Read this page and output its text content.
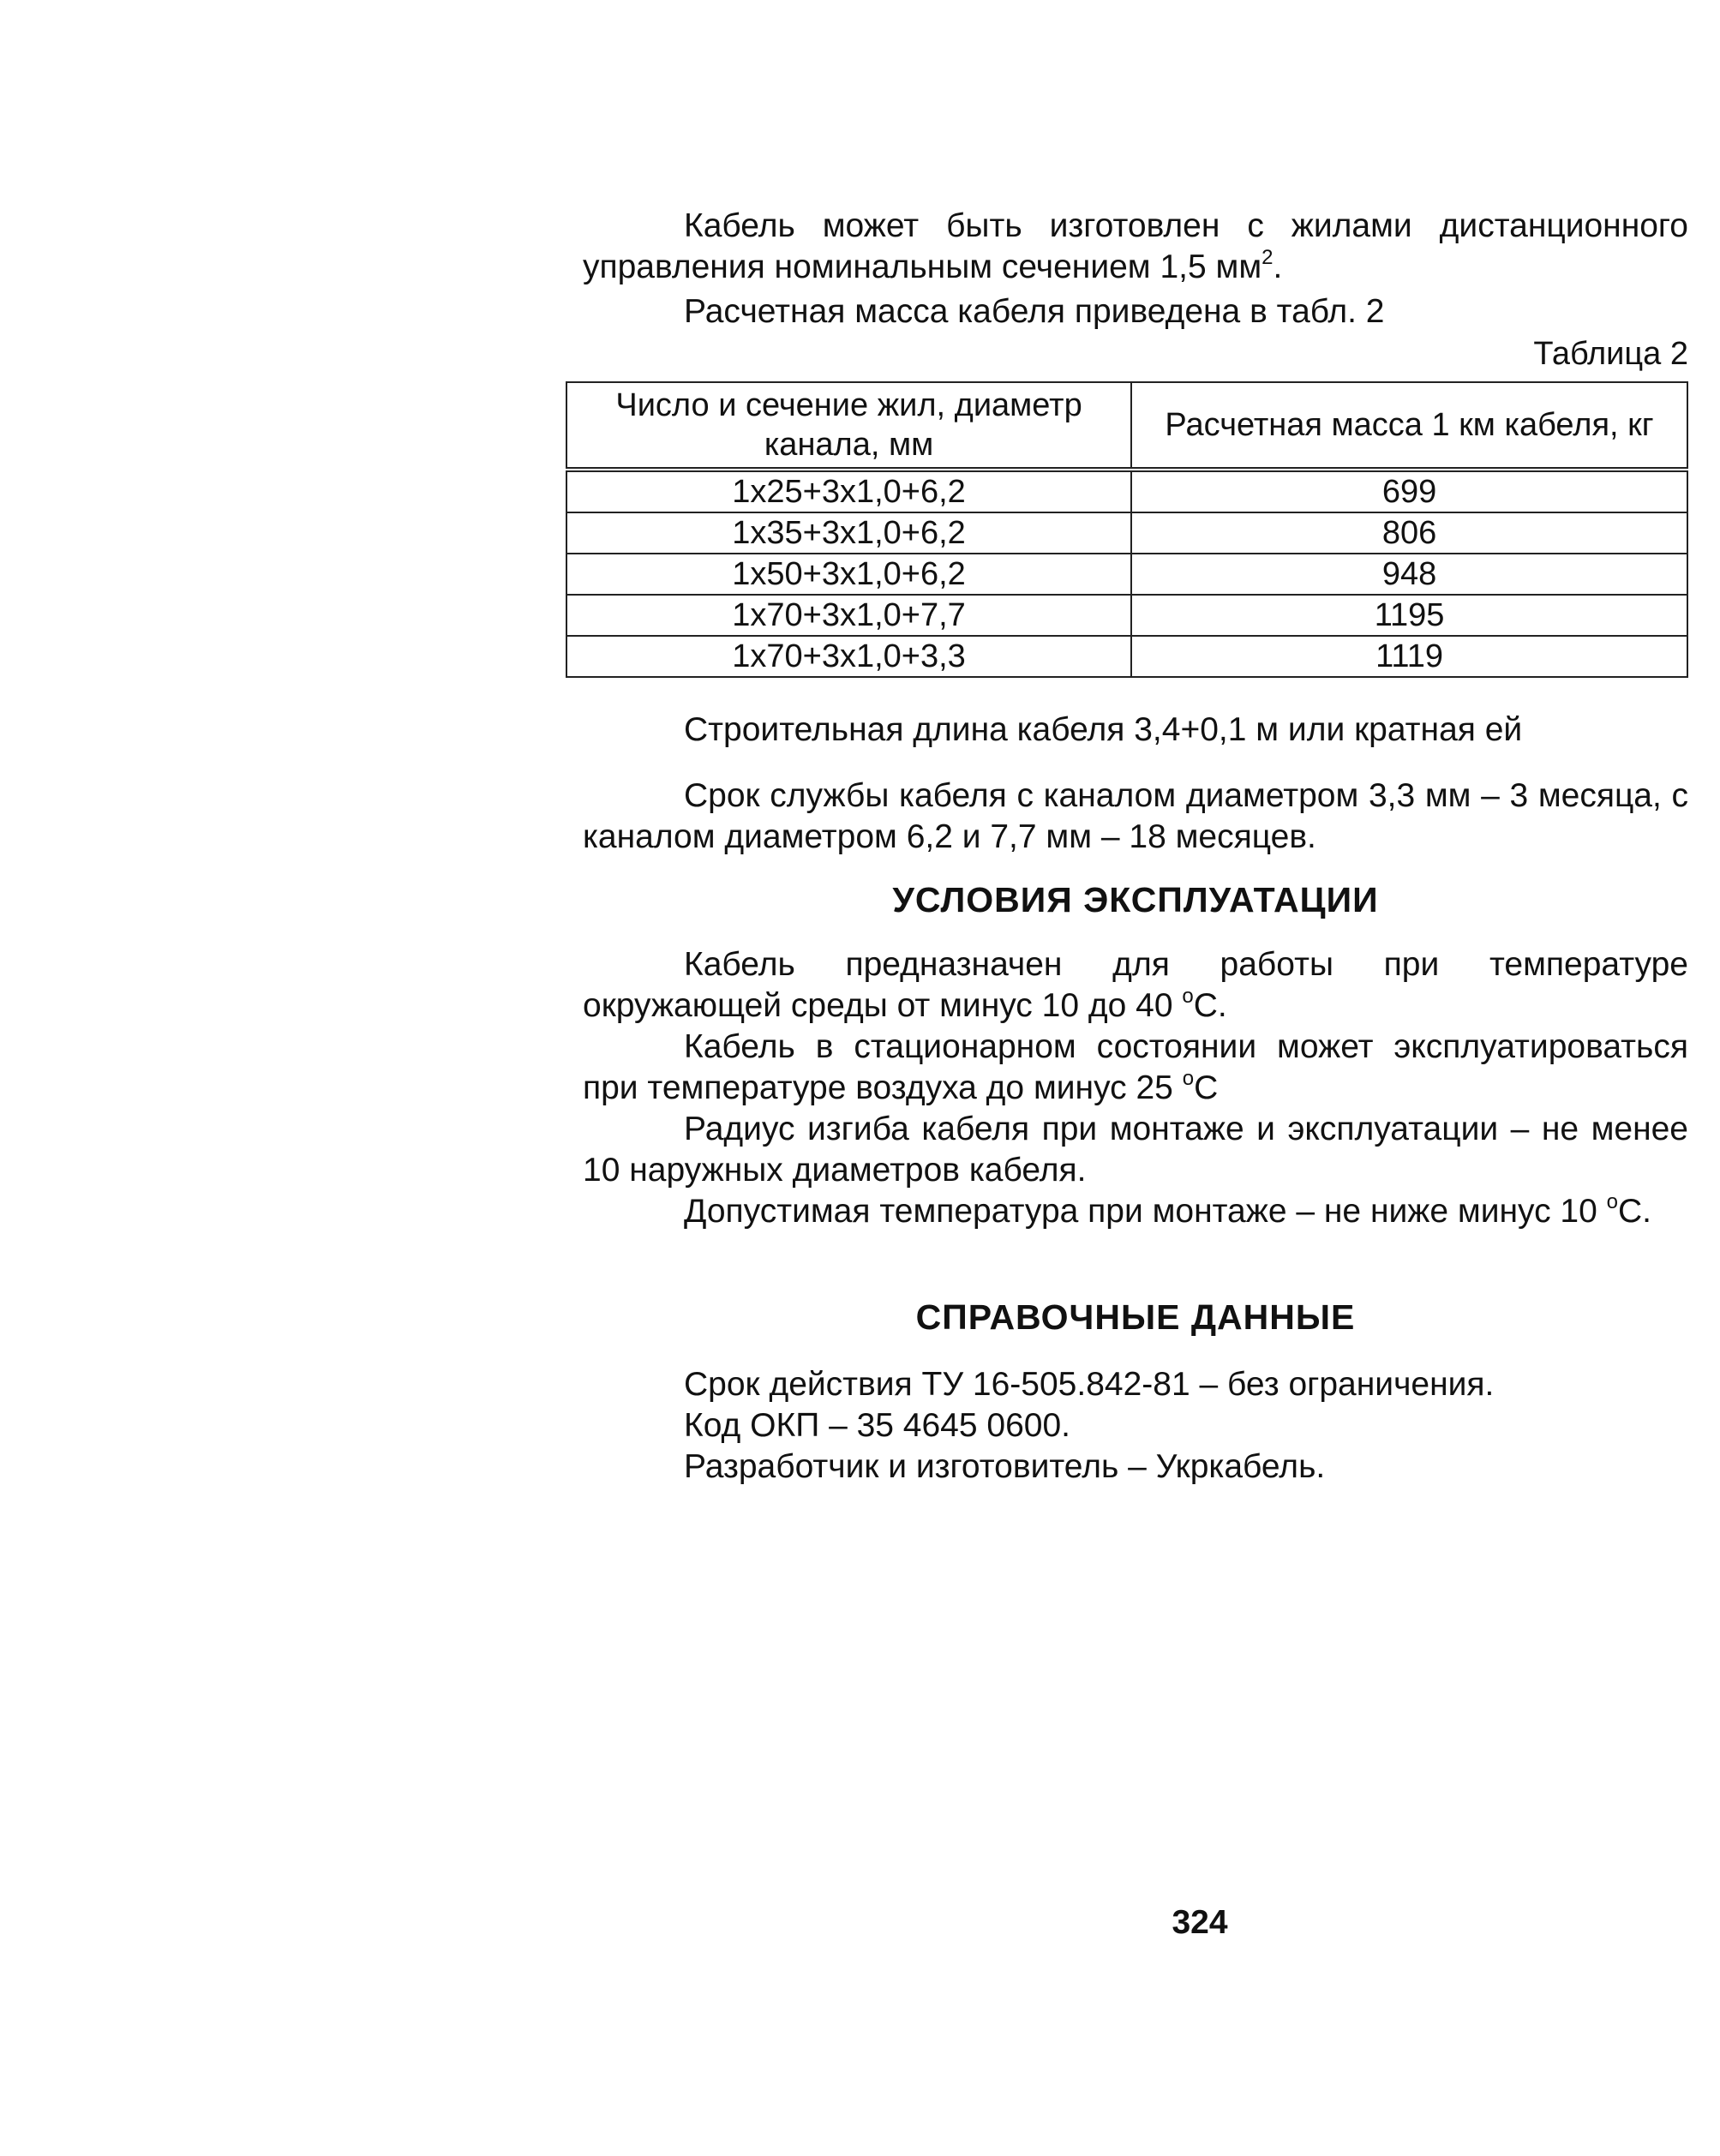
Кабель может быть изготовлен с жилами дистанционного управления номинальным сечением 1,5 $мм^2$.

Расчетная масса кабеля приведена в табл. 2

Таблица 2
Число и сечение жил, диаметр канала, мм	Расчетная масса 1 км кабеля, кг
1x25+3x1,0+6,2	699
1x35+3x1,0+6,2	806
1x50+3x1,0+6,2	948
1x70+3x1,0+7,7	1195
1x70+3x1,0+3,3	1119

Строительная длина кабеля 3,4+0,1 м или кратная ей

Срок службы кабеля с каналом диаметром 3,3 мм – 3 месяца, с каналом диаметром 6,2 и 7,7 мм – 18 месяцев.

УСЛОВИЯ ЭКСПЛУАТАЦИИ

Кабель предназначен для работы при температуре окружающей среды от минус 10 до 40 $^o$С.

Кабель в стационарном состоянии может эксплуатироваться при температуре воздуха до минус 25 $^o$С

Радиус изгиба кабеля при монтаже и эксплуатации – не менее 10 наружных диаметров кабеля.

Допустимая температура при монтаже – не ниже минус 10 $^o$С.

СПРАВОЧНЫЕ ДАННЫЕ

Срок действия ТУ 16-505.842-81 – без ограничения.

Код ОКП – 35 4645 0600.

Разработчик и изготовитель – Укркабель.

324
